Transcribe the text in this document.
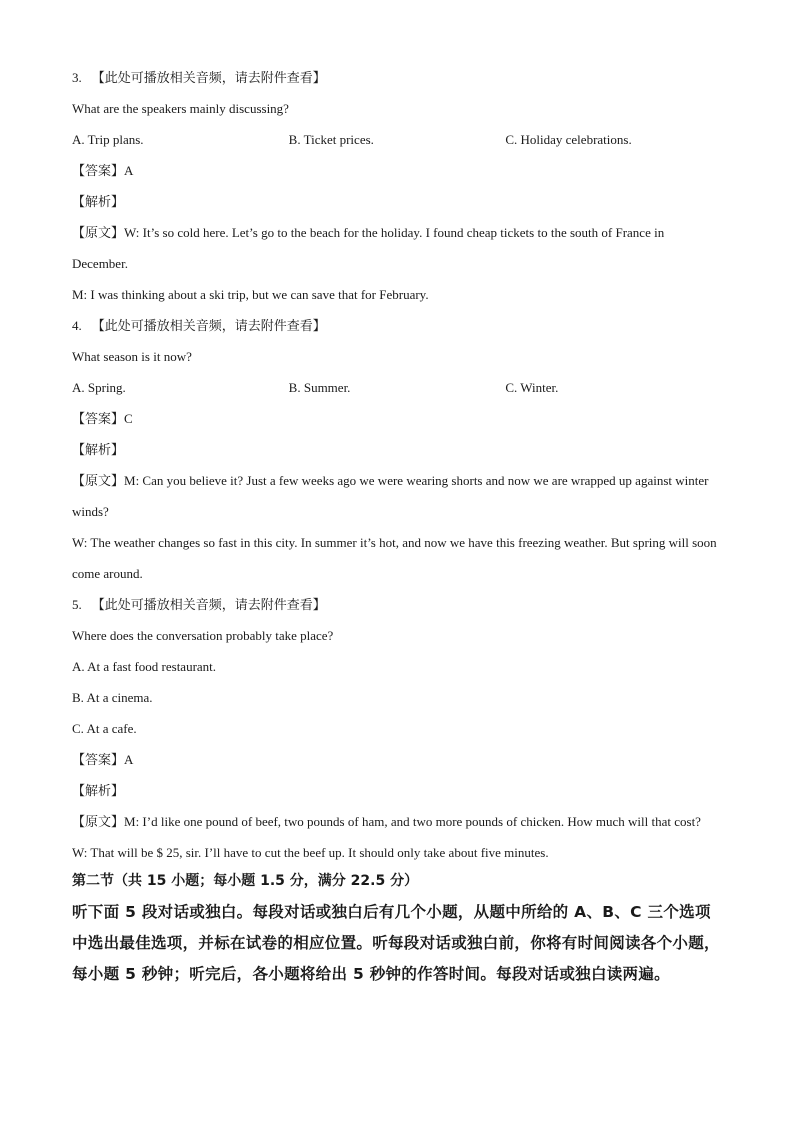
3. 【此处可播放相关音频，请去附件查看】
What are the speakers mainly discussing?
A. Trip plans.	B. Ticket prices.	C. Holiday celebrations.
【答案】A
【解析】
【原文】W: It’s so cold here. Let’s go to the beach for the holiday. I found cheap tickets to the south of France in December.
M: I was thinking about a ski trip, but we can save that for February.
4. 【此处可播放相关音频，请去附件查看】
What season is it now?
A. Spring.	B. Summer.	C. Winter.
【答案】C
【解析】
【原文】M: Can you believe it? Just a few weeks ago we were wearing shorts and now we are wrapped up against winter winds?
W: The weather changes so fast in this city. In summer it’s hot, and now we have this freezing weather. But spring will soon come around.
5. 【此处可播放相关音频，请去附件查看】
Where does the conversation probably take place?
A. At a fast food restaurant.
B. At a cinema.
C. At a cafe.
【答案】A
【解析】
【原文】M: I’d like one pound of beef, two pounds of ham, and two more pounds of chicken. How much will that cost?
W: That will be $ 25, sir. I’ll have to cut the beef up. It should only take about five minutes.
第二节（共 15 小题；每小题 1.5 分，满分 22.5 分）
听下面 5 段对话或独白。每段对话或独白后有几个小题，从题中所给的 A、B、C 三个选项中选出最佳选项，并标在试卷的相应位置。听每段对话或独白前，你将有时间阅读各个小题，每小题 5 秒钟；听完后，各小题将给出 5 秒钟的作答时间。每段对话或独白读两遍。
